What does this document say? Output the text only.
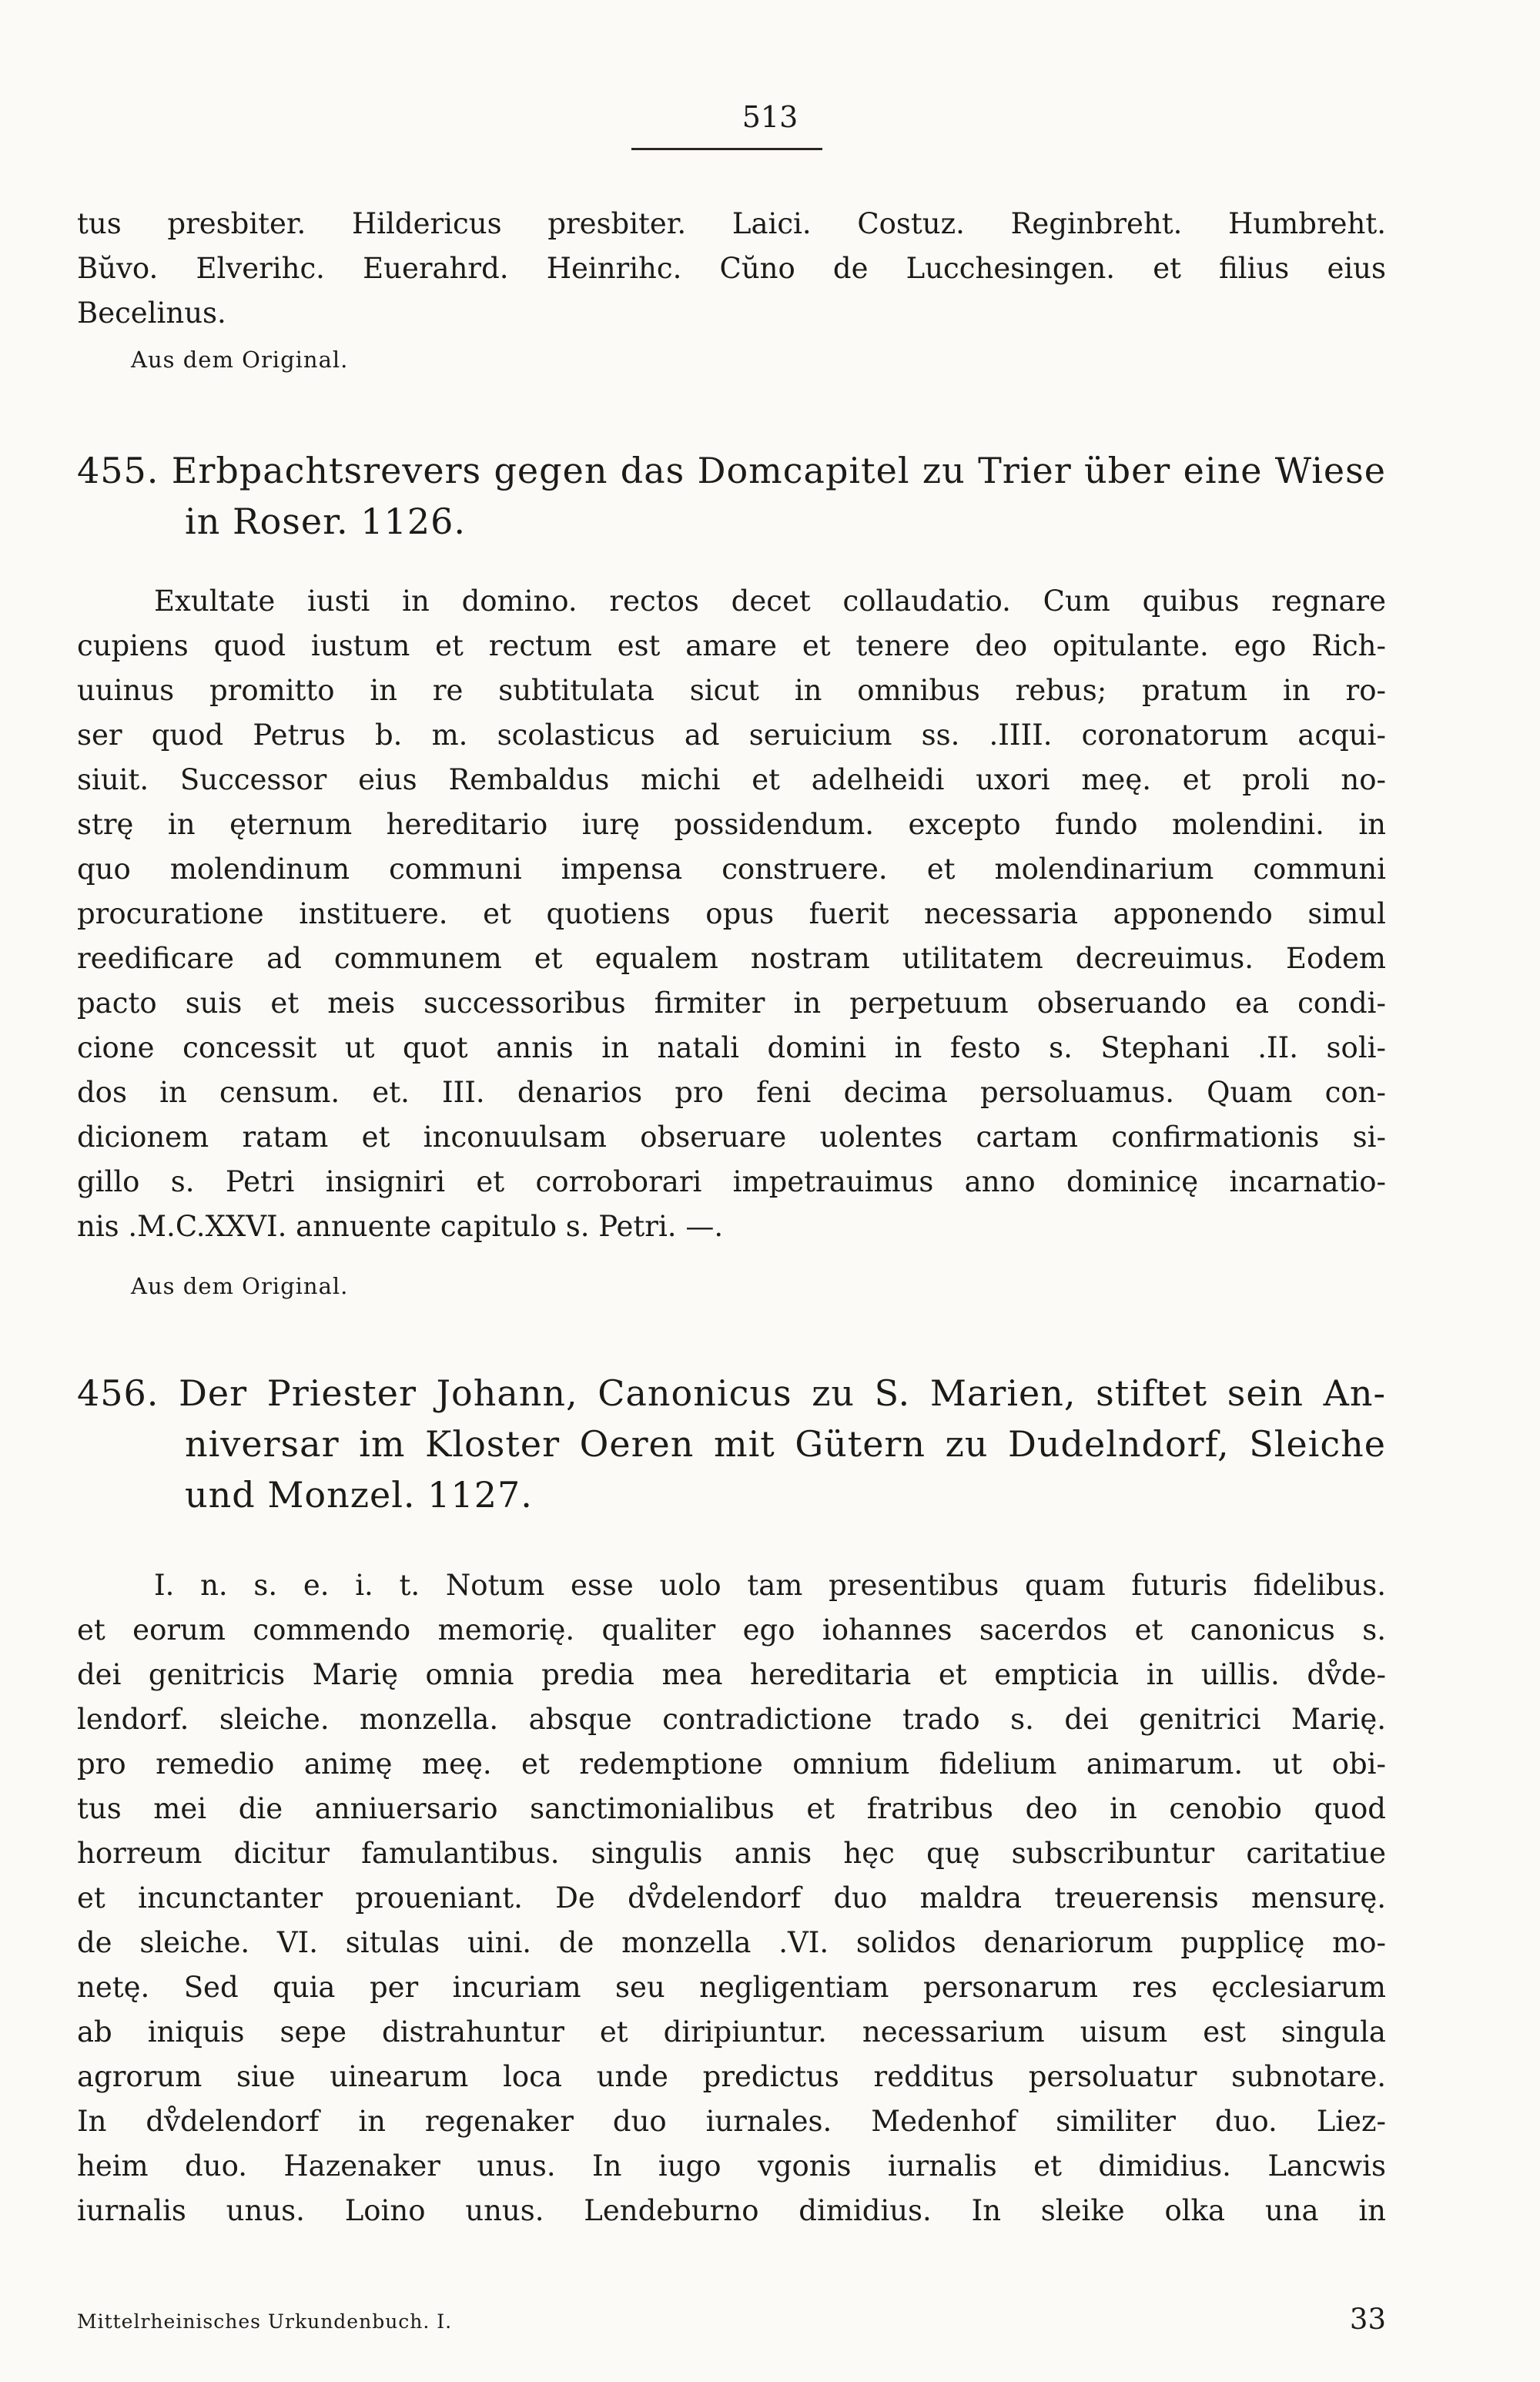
513
tus presbiter. Hildericus presbiter. Laici. Costuz. Reginbreht. Humbreht.
Bŭvo. Elverihc. Euerahrd. Heinrihc. Cŭno de Lucchesingen. et filius eius
Becelinus.
Aus dem Original.
455. Erbpachtsrevers gegen das Domcapitel zu Trier über eine Wiese
in Roser. 1126.
Exultate iusti in domino. rectos decet collaudatio. Cum quibus regnare
cupiens quod iustum et rectum est amare et tenere deo opitulante. ego Rich-
uuinus promitto in re subtitulata sicut in omnibus rebus; pratum in ro-
ser quod Petrus b. m. scolasticus ad seruicium ss. .IIII. coronatorum acqui-
siuit. Successor eius Rembaldus michi et adelheidi uxori meę. et proli no-
strę in ęternum hereditario iurę possidendum. excepto fundo molendini. in
quo molendinum communi impensa construere. et molendinarium communi
procuratione instituere. et quotiens opus fuerit necessaria apponendo simul
reedificare ad communem et equalem nostram utilitatem decreuimus. Eodem
pacto suis et meis successoribus firmiter in perpetuum obseruando ea condi-
cione concessit ut quot annis in natali domini in festo s. Stephani .II. soli-
dos in censum. et. III. denarios pro feni decima persoluamus. Quam con-
dicionem ratam et inconuulsam obseruare uolentes cartam confirmationis si-
gillo s. Petri insigniri et corroborari impetrauimus anno dominicę incarnatio-
nis .M.C.XXVI. annuente capitulo s. Petri. —.
Aus dem Original.
456. Der Priester Johann, Canonicus zu S. Marien, stiftet sein An-
niversar im Kloster Oeren mit Gütern zu Dudelndorf, Sleiche
und Monzel. 1127.
I. n. s. e. i. t. Notum esse uolo tam presentibus quam futuris fidelibus.
et eorum commendo memorię. qualiter ego iohannes sacerdos et canonicus s.
dei genitricis Marię omnia predia mea hereditaria et empticia in uillis. dv̊de-
lendorf. sleiche. monzella. absque contradictione trado s. dei genitrici Marię.
pro remedio animę meę. et redemptione omnium fidelium animarum. ut obi-
tus mei die anniuersario sanctimonialibus et fratribus deo in cenobio quod
horreum dicitur famulantibus. singulis annis hęc quę subscribuntur caritatiue
et incunctanter proueniant. De dv̊delendorf duo maldra treuerensis mensurę.
de sleiche. VI. situlas uini. de monzella .VI. solidos denariorum pupplicę mo-
netę. Sed quia per incuriam seu negligentiam personarum res ęcclesiarum
ab iniquis sepe distrahuntur et diripiuntur. necessarium uisum est singula
agrorum siue uinearum loca unde predictus redditus persoluatur subnotare.
In dv̊delendorf in regenaker duo iurnales. Medenhof similiter duo. Liez-
heim duo. Hazenaker unus. In iugo vgonis iurnalis et dimidius. Lancwis
iurnalis unus. Loino unus. Lendeburno dimidius. In sleike olka una in
Mittelrheinisches Urkundenbuch. I.	33
